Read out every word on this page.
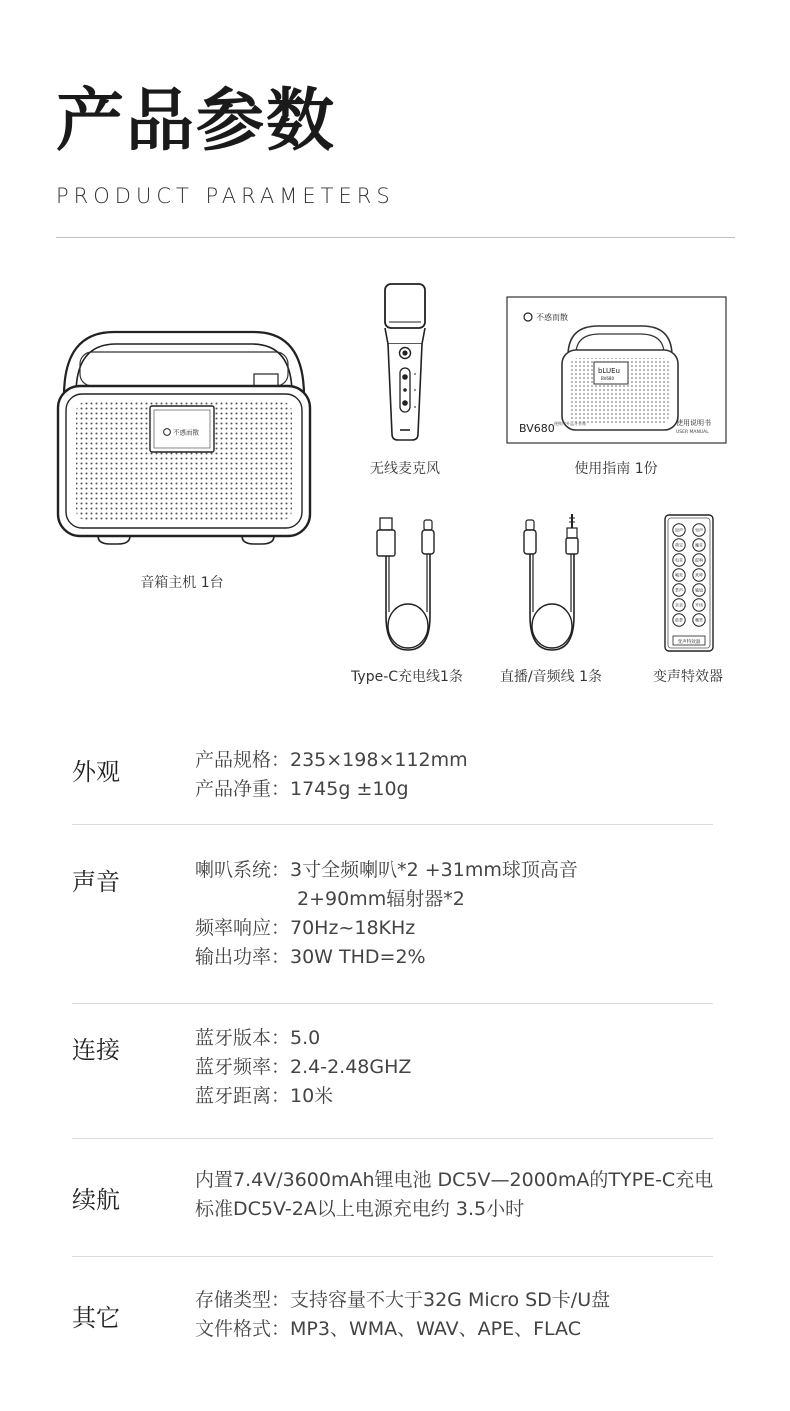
产品参数
PRODUCT PARAMETERS
不惑而散
音箱主机 1台
无线麦克风
不惑而散
bLUEu
BV680
BV680 便携户外蓝牙音箱	使用说明书
USER MANUAL
使用指南 1份
Type-C充电线1条	直播/音频线 1条
原声	男声
萌宝	魔音
电音	混响
喊麦	欢呼
掌声	尴尬
亲亲	开场
鼓掌	嘲笑
变声特效器
变声特效器
外观	产品规格：235×198×112mm
产品净重：1745g ±10g
声音	喇叭系统：3寸全频喇叭*2 +31mm球顶高音
2+90mm辐射器*2
频率响应：70Hz~18KHz
输出功率：30W THD=2%
连接	蓝牙版本：5.0
蓝牙频率：2.4-2.48GHZ
蓝牙距离：10米
续航
内置7.4V/3600mAh锂电池 DC5V—2000mA的TYPE-C充电
标准DC5V-2A以上电源充电约 3.5小时
其它
存储类型：支持容量不大于32G Micro SD卡/U盘
文件格式：MP3、WMA、WAV、APE、FLAC
